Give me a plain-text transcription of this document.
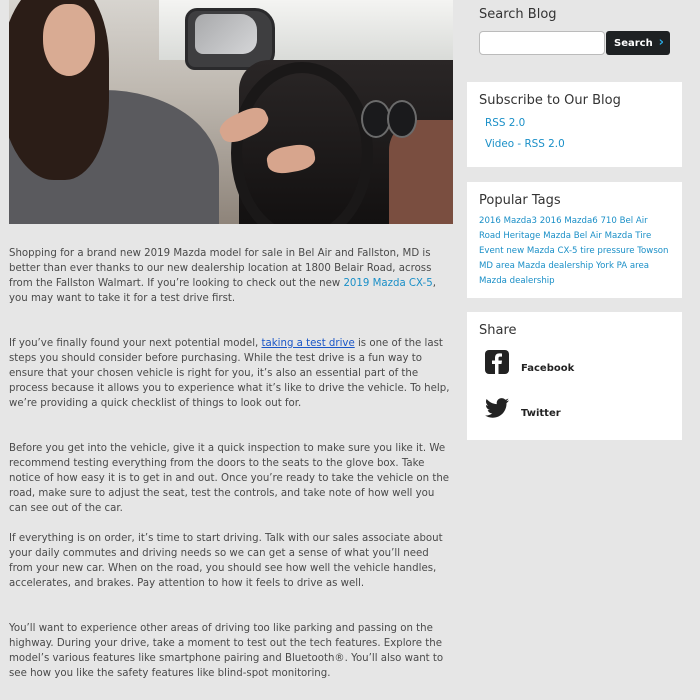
Shopping for a brand new 2019 Mazda model for sale in Bel Air and Fallston, MD is better than ever thanks to our new dealership location at 1800 Belair Road, across from the Fallston Walmart. If you’re looking to check out the new 2019 Mazda CX-5, you may want to take it for a test drive first.

If you’ve finally found your next potential model, taking a test drive is one of the last steps you should consider before purchasing. While the test drive is a fun way to ensure that your chosen vehicle is right for you, it’s also an essential part of the process because it allows you to experience what it’s like to drive the vehicle. To help, we’re providing a quick checklist of things to look out for.

Before you get into the vehicle, give it a quick inspection to make sure you like it. We recommend testing everything from the doors to the seats to the glove box. Take notice of how easy it is to get in and out. Once you’re ready to take the vehicle on the road, make sure to adjust the seat, test the controls, and take note of how well you can see out of the car.

If everything is on order, it’s time to start driving. Talk with our sales associate about your daily commutes and driving needs so we can get a sense of what you’ll need from your new car. When on the road, you should see how well the vehicle handles, accelerates, and brakes. Pay attention to how it feels to drive as well.

You’ll want to experience other areas of driving too like parking and passing on the highway. During your drive, take a moment to test out the tech features. Explore the model’s various features like smartphone pairing and Bluetooth®. You’ll also want to see how you like the safety features like blind-spot monitoring.

Search Blog
Search ›
Subscribe to Our Blog
RSS 2.0
Video - RSS 2.0
Popular Tags
2016 Mazda3 2016 Mazda6 710 Bel Air Road Heritage Mazda Bel Air Mazda Tire Event new Mazda CX-5 tire pressure Towson MD area Mazda dealership York PA area Mazda dealership
Share
Facebook
Twitter
